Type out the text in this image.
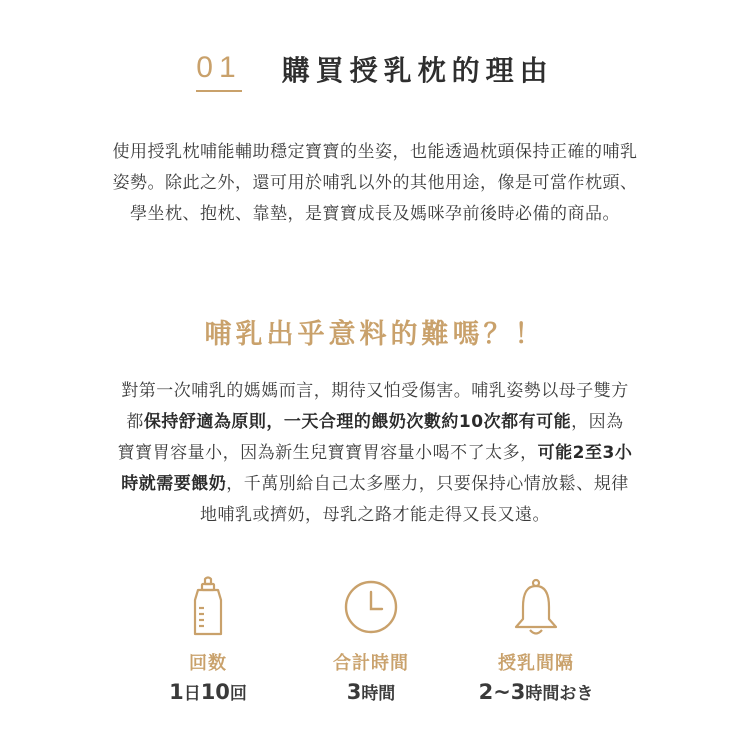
01 購買授乳枕的理由
使用授乳枕哺能輔助穩定寶寶的坐姿，也能透過枕頭保持正確的哺乳
姿勢。除此之外，還可用於哺乳以外的其他用途，像是可當作枕頭、
學坐枕、抱枕、靠墊，是寶寶成長及媽咪孕前後時必備的商品。
哺乳出乎意料的難嗎？！
對第一次哺乳的媽媽而言，期待又怕受傷害。哺乳姿勢以母子雙方
都保持舒適為原則，一天合理的餵奶次數約10次都有可能，因為
寶寶胃容量小，因為新生兒寶寶胃容量小喝不了太多，可能2至3小
時就需要餵奶，千萬別給自己太多壓力，只要保持心情放鬆、規律
地哺乳或擠奶，母乳之路才能走得又長又遠。
回数
1日10回
合計時間
3時間
授乳間隔
2~3時間おき
